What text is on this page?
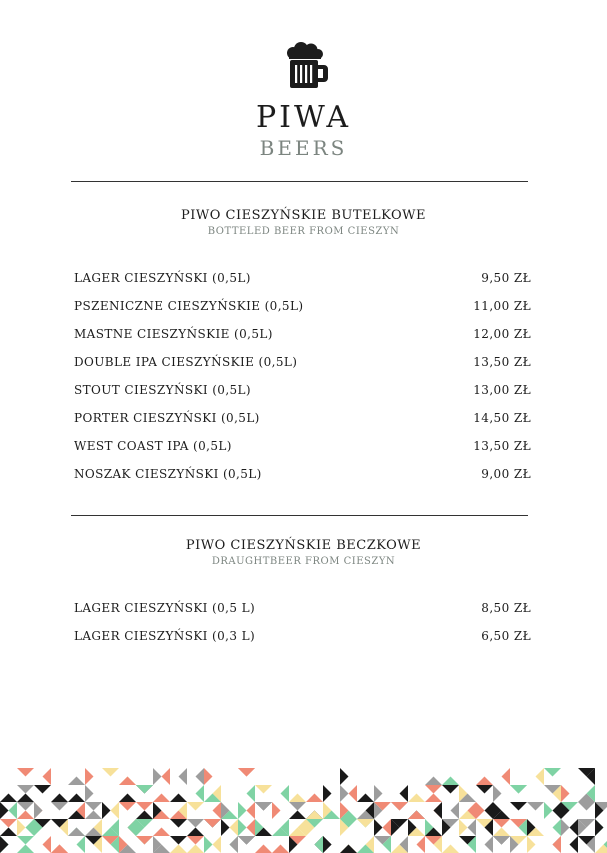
PIWA
BEERS
PIWO CIESZYŃSKIE BUTELKOWE
BOTTELED BEER FROM CIESZYN
LAGER CIESZYŃSKI (0,5L)	9,50 ZŁ
PSZENICZNE CIESZYŃSKIE (0,5L)	11,00 ZŁ
MASTNE CIESZYŃSKIE (0,5L)	12,00 ZŁ
DOUBLE IPA CIESZYŃSKIE (0,5L)	13,50 ZŁ
STOUT CIESZYŃSKI (0,5L)	13,00 ZŁ
PORTER CIESZYŃSKI (0,5L)	14,50 ZŁ
WEST COAST IPA (0,5L)	13,50 ZŁ
NOSZAK CIESZYŃSKI (0,5L)	9,00 ZŁ
PIWO CIESZYŃSKIE BECZKOWE
DRAUGHTBEER FROM CIESZYN
LAGER CIESZYŃSKI (0,5 L)	8,50 ZŁ
LAGER CIESZYŃSKI (0,3 L)	6,50 ZŁ
